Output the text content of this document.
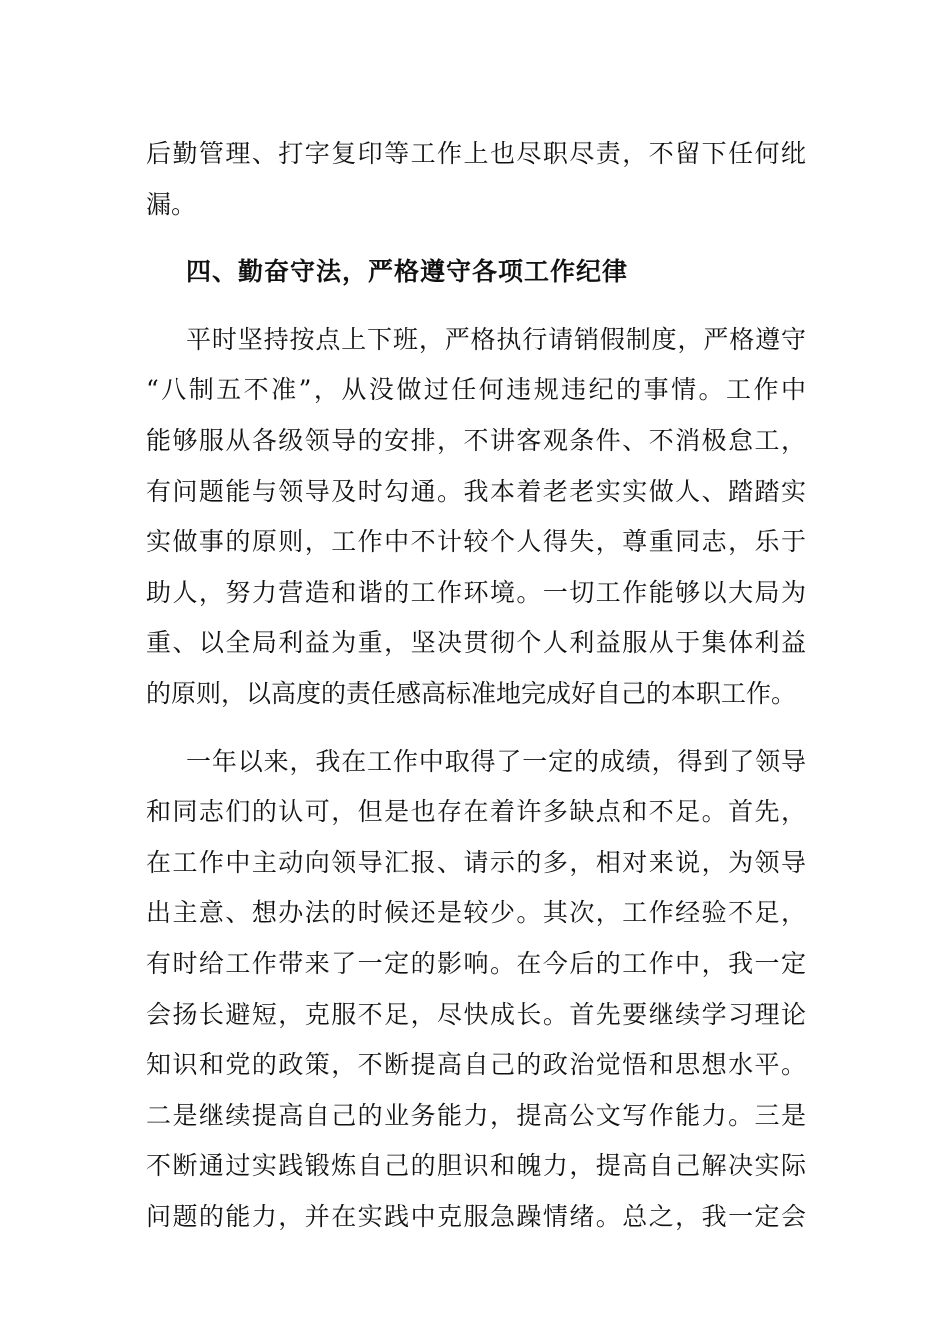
后勤管理、打字复印等工作上也尽职尽责，不留下任何纰
漏。
四、勤奋守法，严格遵守各项工作纪律
平时坚持按点上下班，严格执行请销假制度，严格遵守
“八制五不准”，从没做过任何违规违纪的事情。工作中
能够服从各级领导的安排，不讲客观条件、不消极怠工，
有问题能与领导及时勾通。我本着老老实实做人、踏踏实
实做事的原则，工作中不计较个人得失，尊重同志，乐于
助人，努力营造和谐的工作环境。一切工作能够以大局为
重、以全局利益为重，坚决贯彻个人利益服从于集体利益
的原则，以高度的责任感高标准地完成好自己的本职工作。
一年以来，我在工作中取得了一定的成绩，得到了领导
和同志们的认可，但是也存在着许多缺点和不足。首先，
在工作中主动向领导汇报、请示的多，相对来说，为领导
出主意、想办法的时候还是较少。其次，工作经验不足，
有时给工作带来了一定的影响。在今后的工作中，我一定
会扬长避短，克服不足，尽快成长。首先要继续学习理论
知识和党的政策，不断提高自己的政治觉悟和思想水平。
二是继续提高自己的业务能力，提高公文写作能力。三是
不断通过实践锻炼自己的胆识和魄力，提高自己解决实际
问题的能力，并在实践中克服急躁情绪。总之，我一定会
